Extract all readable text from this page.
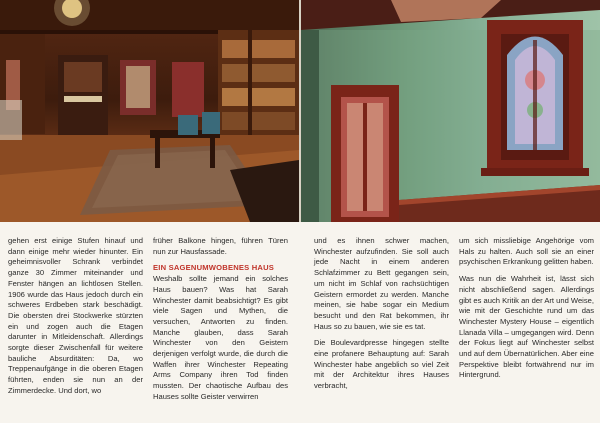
gehen erst einige Stufen hinauf und dann einige mehr wieder hinunter. Ein geheimnisvoller Schrank verbindet ganze 30 Zimmer miteinander und Fenster hängen an lichtlosen Stellen. 1906 wurde das Haus jedoch durch ein schweres Erdbeben stark beschädigt. Die obersten drei Stockwerke stürzten ein und zogen auch die Etagen darunter in Mitleidenschaft. Allerdings sorgte dieser Zwischenfall für weitere bauliche Absurditäten: Da, wo Treppenaufgänge in die oberen Etagen führten, enden sie nun an der Zimmerdecke. Und dort, wo

früher Balkone hingen, führen Türen nun zur Hausfassade.

EIN SAGENUMWOBENES HAUS

Weshalb sollte jemand ein solches Haus bauen? Was hat Sarah Winchester damit beabsichtigt? Es gibt viele Sagen und Mythen, die versuchen, Antworten zu finden. Manche glauben, dass Sarah Winchester von den Geistern derjenigen verfolgt wurde, die durch die Waffen ihrer Winchester Repeating Arms Company ihren Tod finden mussten. Der chaotische Aufbau des Hauses sollte Geister verwirren

und es ihnen schwer machen, Winchester aufzufinden. Sie soll auch jede Nacht in einem anderen Schlafzimmer zu Bett gegangen sein, um nicht im Schlaf von rachsüchtigen Geistern ermordet zu werden. Manche meinen, sie habe sogar ein Medium besucht und den Rat bekommen, ihr Haus so zu bauen, wie sie es tat.

Die Boulevardpresse hingegen stellte eine profanere Behauptung auf: Sarah Winchester habe angeblich so viel Zeit mit der Architektur ihres Hauses verbracht,

um sich missliebige Angehörige vom Hals zu halten. Auch soll sie an einer psychischen Erkrankung gelitten haben.

Was nun die Wahrheit ist, lässt sich nicht abschließend sagen. Allerdings gibt es auch Kritik an der Art und Weise, wie mit der Geschichte rund um das Winchester Mystery House – eigentlich Llanada Villa – umgegangen wird. Denn der Fokus liegt auf Winchester selbst und auf dem Übernatürlichen. Aber eine Perspektive bleibt fortwährend nur im Hintergrund.
